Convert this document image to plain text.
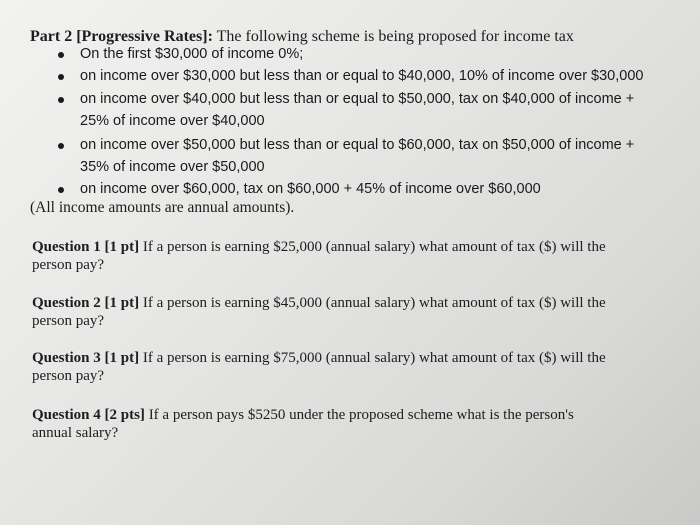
Part 2 [Progressive Rates]: The following scheme is being proposed for income tax
On the first $30,000 of income 0%;
on income over $30,000 but less than or equal to $40,000, 10% of income over $30,000
on income over $40,000 but less than or equal to $50,000, tax on $40,000 of income +
25% of income over $40,000
on income over $50,000 but less than or equal to $60,000, tax on $50,000 of income +
35% of income over $50,000
on income over $60,000, tax on $60,000 + 45% of income over $60,000
(All income amounts are annual amounts).
Question 1 [1 pt] If a person is earning $25,000 (annual salary) what amount of tax ($) will the
person pay?
Question 2 [1 pt] If a person is earning $45,000 (annual salary) what amount of tax ($) will the
person pay?
Question 3 [1 pt] If a person is earning $75,000 (annual salary) what amount of tax ($) will the
person pay?
Question 4 [2 pts] If a person pays $5250 under the proposed scheme what is the person's
annual salary?
